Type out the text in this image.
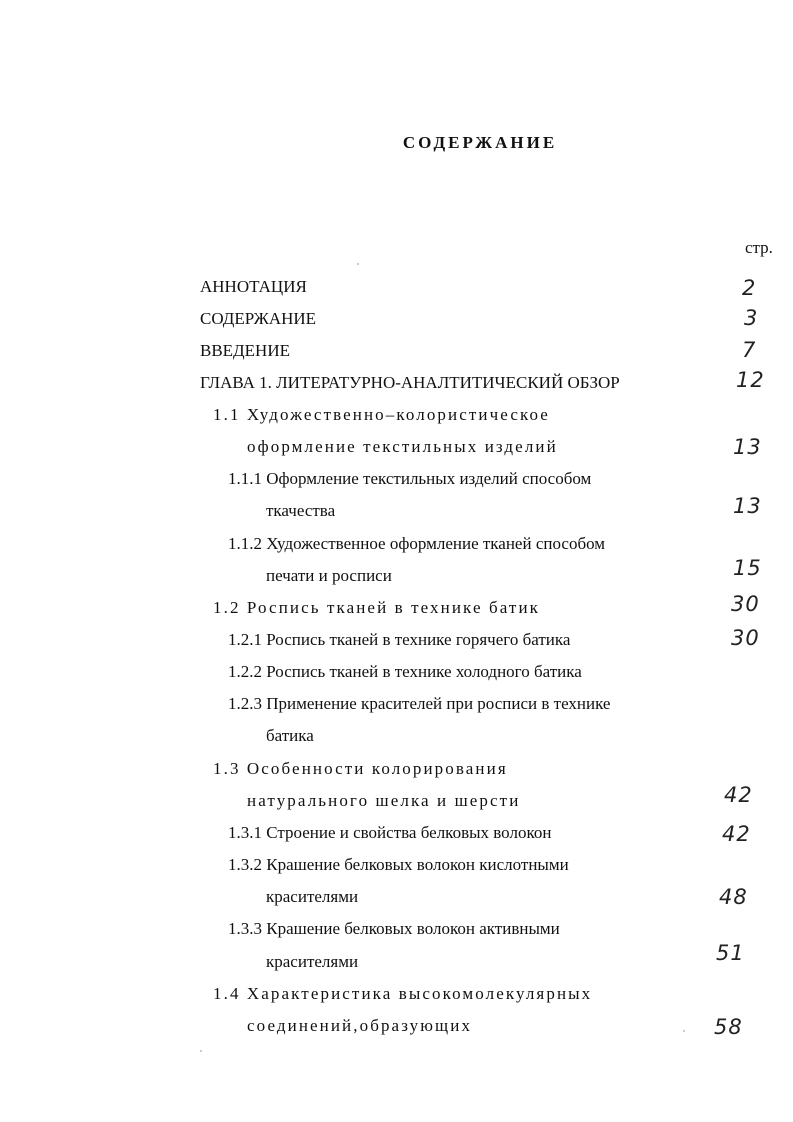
СОДЕРЖАНИЕ
стр.
АННОТАЦИЯ	2
СОДЕРЖАНИЕ	3
ВВЕДЕНИЕ	7
ГЛАВА 1. ЛИТЕРАТУРНО-АНАЛТИТИЧЕСКИЙ ОБЗОР	12
1.1 Художественно–колористическое
оформление текстильных изделий	13
1.1.1 Оформление текстильных изделий способом
ткачества	13
1.1.2 Художественное оформление тканей способом
печати и росписи	15
1.2 Роспись тканей в технике батик	30
1.2.1 Роспись тканей в технике горячего батика	30
1.2.2 Роспись тканей в технике холодного батика
1.2.3 Применение красителей при росписи в технике
батика
1.3 Особенности колорирования
натурального шелка и шерсти	42
1.3.1 Строение и свойства белковых волокон	42
1.3.2 Крашение белковых волокон кислотными
красителями	48
1.3.3 Крашение белковых волокон активными
красителями	51
1.4 Характеристика высокомолекулярных
соединений,образующих	58
